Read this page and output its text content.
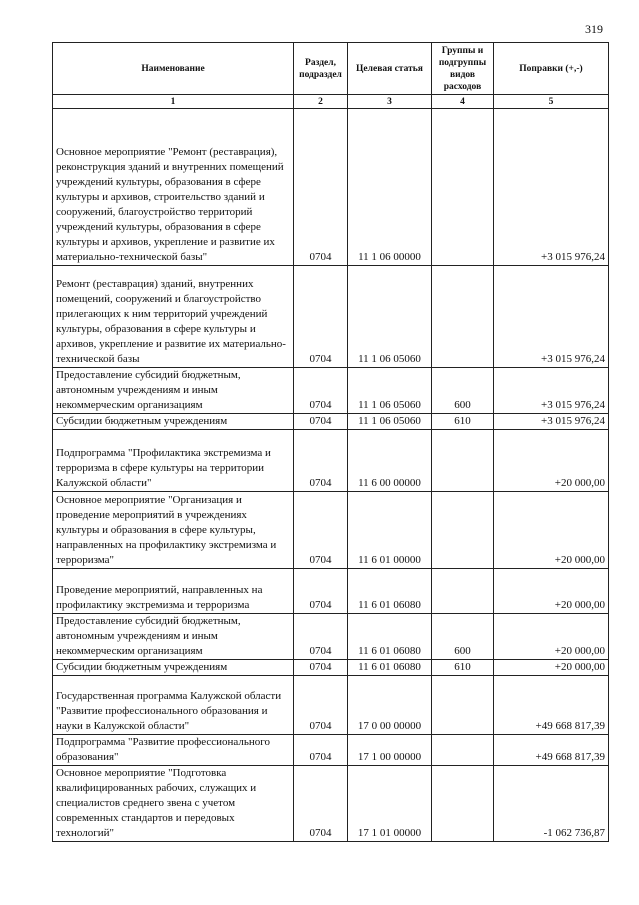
319
Наименование	Раздел, подраздел	Целевая статья	Группы и подгруппы видов расходов	Поправки (+,-)
1	2	3	4	5
Основное мероприятие "Ремонт (реставрация), реконструкция зданий и внутренних помещений учреждений культуры, образования в сфере культуры и архивов, строительство зданий и сооружений, благоустройство территорий учреждений культуры, образования в сфере культуры и архивов, укрепление и развитие их материально-технической базы"	0704	11 1 06 00000		+3 015 976,24
Ремонт (реставрация) зданий, внутренних помещений, сооружений и благоустройство прилегающих к ним территорий учреждений культуры, образования в сфере культуры и архивов, укрепление и развитие их материально-технической базы	0704	11 1 06 05060		+3 015 976,24
Предоставление субсидий бюджетным, автономным учреждениям и иным некоммерческим организациям	0704	11 1 06 05060	600	+3 015 976,24
Субсидии бюджетным учреждениям	0704	11 1 06 05060	610	+3 015 976,24
Подпрограмма "Профилактика экстремизма и терроризма в сфере культуры на территории Калужской области"	0704	11 6 00 00000		+20 000,00
Основное мероприятие "Организация и проведение мероприятий в учреждениях культуры и образования в сфере культуры, направленных на профилактику экстремизма и терроризма"	0704	11 6 01 00000		+20 000,00
Проведение мероприятий, направленных на профилактику экстремизма и терроризма	0704	11 6 01 06080		+20 000,00
Предоставление субсидий бюджетным, автономным учреждениям и иным некоммерческим организациям	0704	11 6 01 06080	600	+20 000,00
Субсидии бюджетным учреждениям	0704	11 6 01 06080	610	+20 000,00
Государственная программа Калужской области "Развитие профессионального образования и науки в Калужской области"	0704	17 0 00 00000		+49 668 817,39
Подпрограмма "Развитие профессионального образования"	0704	17 1 00 00000		+49 668 817,39
Основное мероприятие "Подготовка квалифицированных рабочих, служащих и специалистов среднего звена с учетом современных стандартов и передовых технологий"	0704	17 1 01 00000		-1 062 736,87
